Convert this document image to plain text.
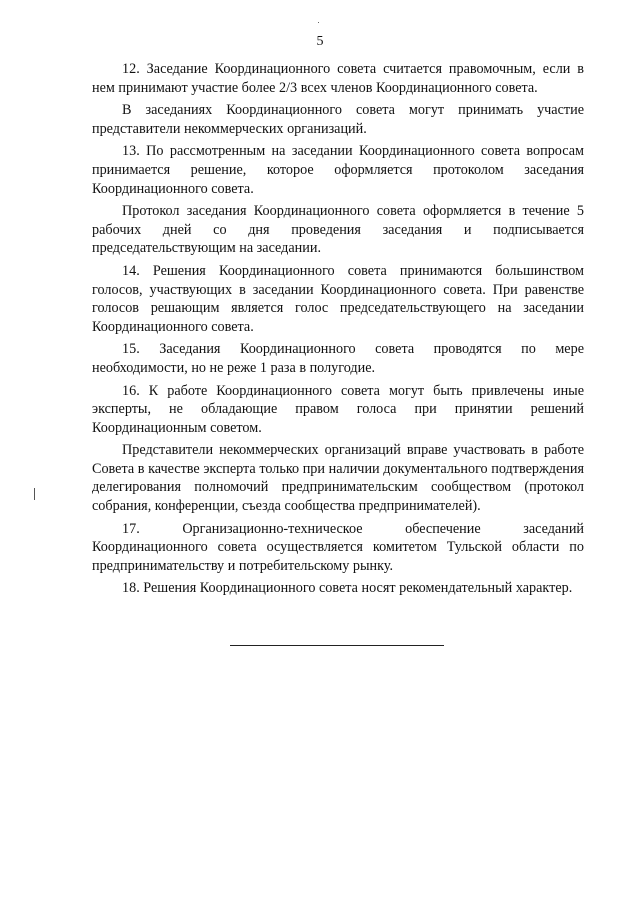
5

12. Заседание Координационного совета считается правомочным, если в нем принимают участие более 2/3 всех членов Координационного совета.

В заседаниях Координационного совета могут принимать участие представители некоммерческих организаций.

13. По рассмотренным на заседании Координационного совета вопросам принимается решение, которое оформляется протоколом заседания Координационного совета.

Протокол заседания Координационного совета оформляется в течение 5 рабочих дней со дня проведения заседания и подписывается председательствующим на заседании.

14. Решения Координационного совета принимаются большинством голосов, участвующих в заседании Координационного совета. При равенстве голосов решающим является голос председательствующего на заседании Координационного совета.

15. Заседания Координационного совета проводятся по мере необходимости, но не реже 1 раза в полугодие.

16. К работе Координационного совета могут быть привлечены иные эксперты, не обладающие правом голоса при принятии решений Координационным советом.

Представители некоммерческих организаций вправе участвовать в работе Совета в качестве эксперта только при наличии документального подтверждения делегирования полномочий предпринимательским сообществом (протокол собрания, конференции, съезда сообщества предпринимателей).

17. Организационно-техническое обеспечение заседаний Координационного совета осуществляется комитетом Тульской области по предпринимательству и потребительскому рынку.

18. Решения Координационного совета носят рекомендательный характер.
